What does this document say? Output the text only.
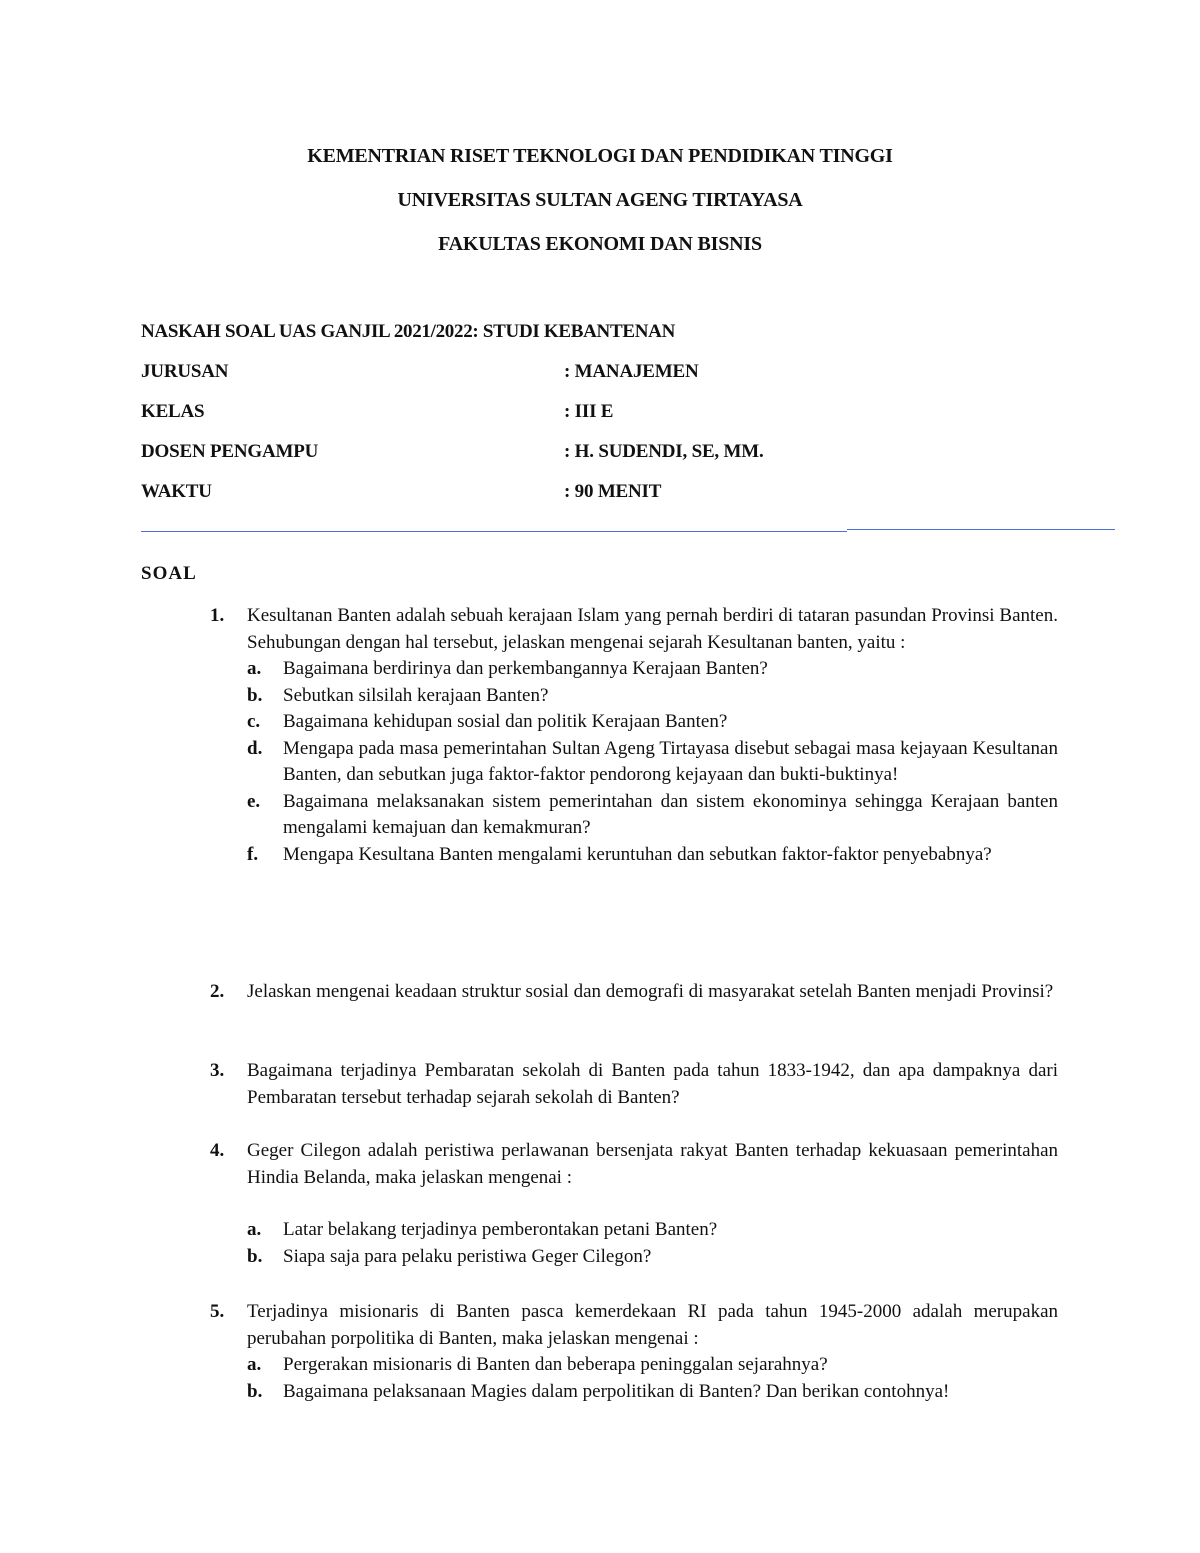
KEMENTRIAN RISET TEKNOLOGI DAN PENDIDIKAN TINGGI
UNIVERSITAS SULTAN AGENG TIRTAYASA
FAKULTAS EKONOMI DAN BISNIS
NASKAH SOAL UAS GANJIL 2021/2022: STUDI KEBANTENAN
JURUSAN	: MANAJEMEN
KELAS	: III E
DOSEN PENGAMPU	: H. SUDENDI, SE, MM.
WAKTU	: 90 MENIT
SOAL
1. Kesultanan Banten adalah sebuah kerajaan Islam yang pernah berdiri di tataran pasundan Provinsi Banten. Sehubungan dengan hal tersebut, jelaskan mengenai sejarah Kesultanan banten, yaitu :
a. Bagaimana berdirinya dan perkembangannya Kerajaan Banten?
b. Sebutkan silsilah kerajaan Banten?
c. Bagaimana kehidupan sosial dan politik Kerajaan Banten?
d. Mengapa pada masa pemerintahan Sultan Ageng Tirtayasa disebut sebagai masa kejayaan Kesultanan Banten, dan sebutkan juga faktor-faktor pendorong kejayaan dan bukti-buktinya!
e. Bagaimana melaksanakan sistem pemerintahan dan sistem ekonominya sehingga Kerajaan banten mengalami kemajuan dan kemakmuran?
f. Mengapa Kesultana Banten mengalami keruntuhan dan sebutkan faktor-faktor penyebabnya?
2. Jelaskan mengenai keadaan struktur sosial dan demografi di masyarakat setelah Banten menjadi Provinsi?
3. Bagaimana terjadinya Pembaratan sekolah di Banten pada tahun 1833-1942, dan apa dampaknya dari Pembaratan tersebut terhadap sejarah sekolah di Banten?
4. Geger Cilegon adalah peristiwa perlawanan bersenjata rakyat Banten terhadap kekuasaan pemerintahan Hindia Belanda, maka jelaskan mengenai :
a. Latar belakang terjadinya pemberontakan petani Banten?
b. Siapa saja para pelaku peristiwa Geger Cilegon?
5. Terjadinya misionaris di Banten pasca kemerdekaan RI pada tahun 1945-2000 adalah merupakan perubahan porpolitika di Banten, maka jelaskan mengenai :
a. Pergerakan misionaris di Banten dan beberapa peninggalan sejarahnya?
b. Bagaimana pelaksanaan Magies dalam perpolitikan di Banten? Dan berikan contohnya!
